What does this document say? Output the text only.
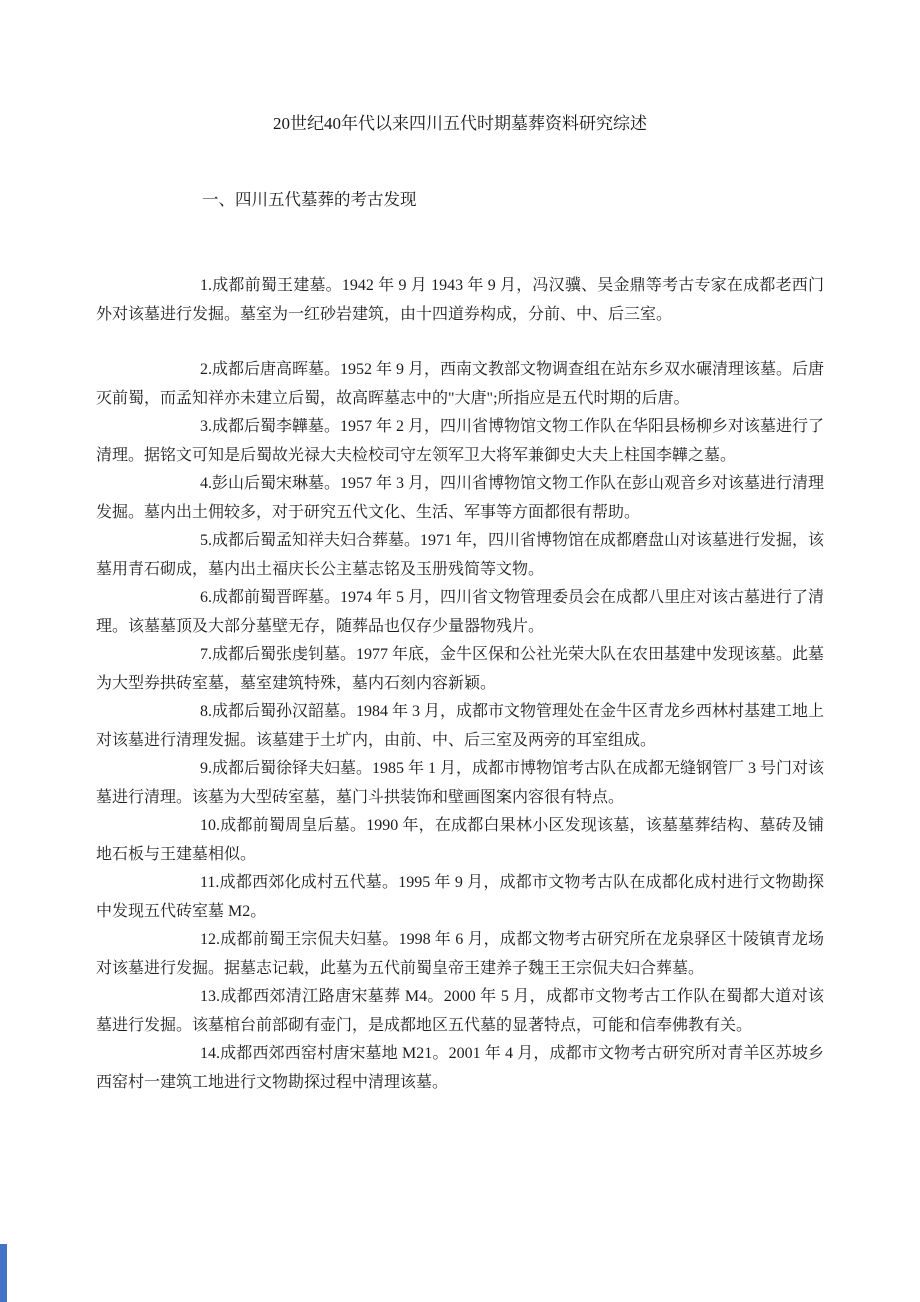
20世纪40年代以来四川五代时期墓葬资料研究综述
一、四川五代墓葬的考古发现

1.成都前蜀王建墓。1942 年 9 月 1943 年 9 月，冯汉骥、吴金鼎等考古专家在成都老西门外对该墓进行发掘。墓室为一红砂岩建筑，由十四道券构成，分前、中、后三室。

2.成都后唐高晖墓。1952 年 9 月，西南文教部文物调查组在站东乡双水碾清理该墓。后唐灭前蜀，而孟知祥亦未建立后蜀，故高晖墓志中的"大唐";所指应是五代时期的后唐。

3.成都后蜀李韡墓。1957 年 2 月，四川省博物馆文物工作队在华阳县杨柳乡对该墓进行了清理。据铭文可知是后蜀故光禄大夫检校司守左领军卫大将军兼御史大夫上柱国李韡之墓。

4.彭山后蜀宋琳墓。1957 年 3 月，四川省博物馆文物工作队在彭山观音乡对该墓进行清理发掘。墓内出土佣较多，对于研究五代文化、生活、军事等方面都很有帮助。

5.成都后蜀孟知祥夫妇合葬墓。1971 年，四川省博物馆在成都磨盘山对该墓进行发掘，该墓用青石砌成，墓内出土福庆长公主墓志铭及玉册残简等文物。

6.成都前蜀晋晖墓。1974 年 5 月，四川省文物管理委员会在成都八里庄对该古墓进行了清理。该墓墓顶及大部分墓壁无存，随葬品也仅存少量器物残片。

7.成都后蜀张虔钊墓。1977 年底，金牛区保和公社光荣大队在农田基建中发现该墓。此墓为大型券拱砖室墓，墓室建筑特殊，墓内石刻内容新颖。

8.成都后蜀孙汉韶墓。1984 年 3 月，成都市文物管理处在金牛区青龙乡西林村基建工地上对该墓进行清理发掘。该墓建于土圹内，由前、中、后三室及两旁的耳室组成。

9.成都后蜀徐铎夫妇墓。1985 年 1 月，成都市博物馆考古队在成都无缝钢管厂 3 号门对该墓进行清理。该墓为大型砖室墓，墓门斗拱装饰和壁画图案内容很有特点。

10.成都前蜀周皇后墓。1990 年，在成都白果林小区发现该墓，该墓墓葬结构、墓砖及铺地石板与王建墓相似。

11.成都西郊化成村五代墓。1995 年 9 月，成都市文物考古队在成都化成村进行文物勘探中发现五代砖室墓 M2。

12.成都前蜀王宗侃夫妇墓。1998 年 6 月，成都文物考古研究所在龙泉驿区十陵镇青龙场对该墓进行发掘。据墓志记载，此墓为五代前蜀皇帝王建养子魏王王宗侃夫妇合葬墓。

13.成都西郊清江路唐宋墓葬 M4。2000 年 5 月，成都市文物考古工作队在蜀都大道对该墓进行发掘。该墓棺台前部砌有壶门，是成都地区五代墓的显著特点，可能和信奉佛教有关。

14.成都西郊西窑村唐宋墓地 M21。2001 年 4 月，成都市文物考古研究所对青羊区苏坡乡西窑村一建筑工地进行文物勘探过程中清理该墓。
